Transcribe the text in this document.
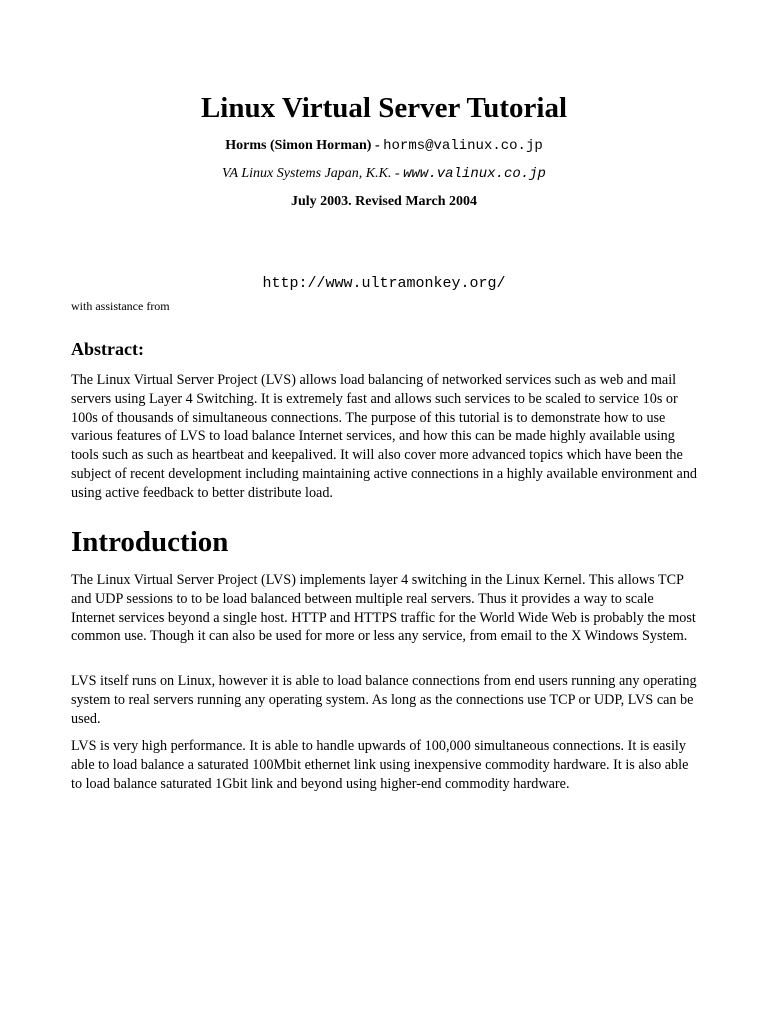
Linux Virtual Server Tutorial
Horms (Simon Horman) - horms@valinux.co.jp
VA Linux Systems Japan, K.K. - www.valinux.co.jp
July 2003. Revised March 2004
http://www.ultramonkey.org/
with assistance from
Abstract:

The Linux Virtual Server Project (LVS) allows load balancing of networked services such as web and mail servers using Layer 4 Switching. It is extremely fast and allows such services to be scaled to service 10s or 100s of thousands of simultaneous connections. The purpose of this tutorial is to demonstrate how to use various features of LVS to load balance Internet services, and how this can be made highly available using tools such as such as heartbeat and keepalived. It will also cover more advanced topics which have been the subject of recent development including maintaining active connections in a highly available environment and using active feedback to better distribute load.

Introduction

The Linux Virtual Server Project (LVS) implements layer 4 switching in the Linux Kernel. This allows TCP and UDP sessions to to be load balanced between multiple real servers. Thus it provides a way to scale Internet services beyond a single host. HTTP and HTTPS traffic for the World Wide Web is probably the most common use. Though it can also be used for more or less any service, from email to the X Windows System.

LVS itself runs on Linux, however it is able to load balance connections from end users running any operating system to real servers running any operating system. As long as the connections use TCP or UDP, LVS can be used.

LVS is very high performance. It is able to handle upwards of 100,000 simultaneous connections. It is easily able to load balance a saturated 100Mbit ethernet link using inexpensive commodity hardware. It is also able to load balance saturated 1Gbit link and beyond using higher-end commodity hardware.
